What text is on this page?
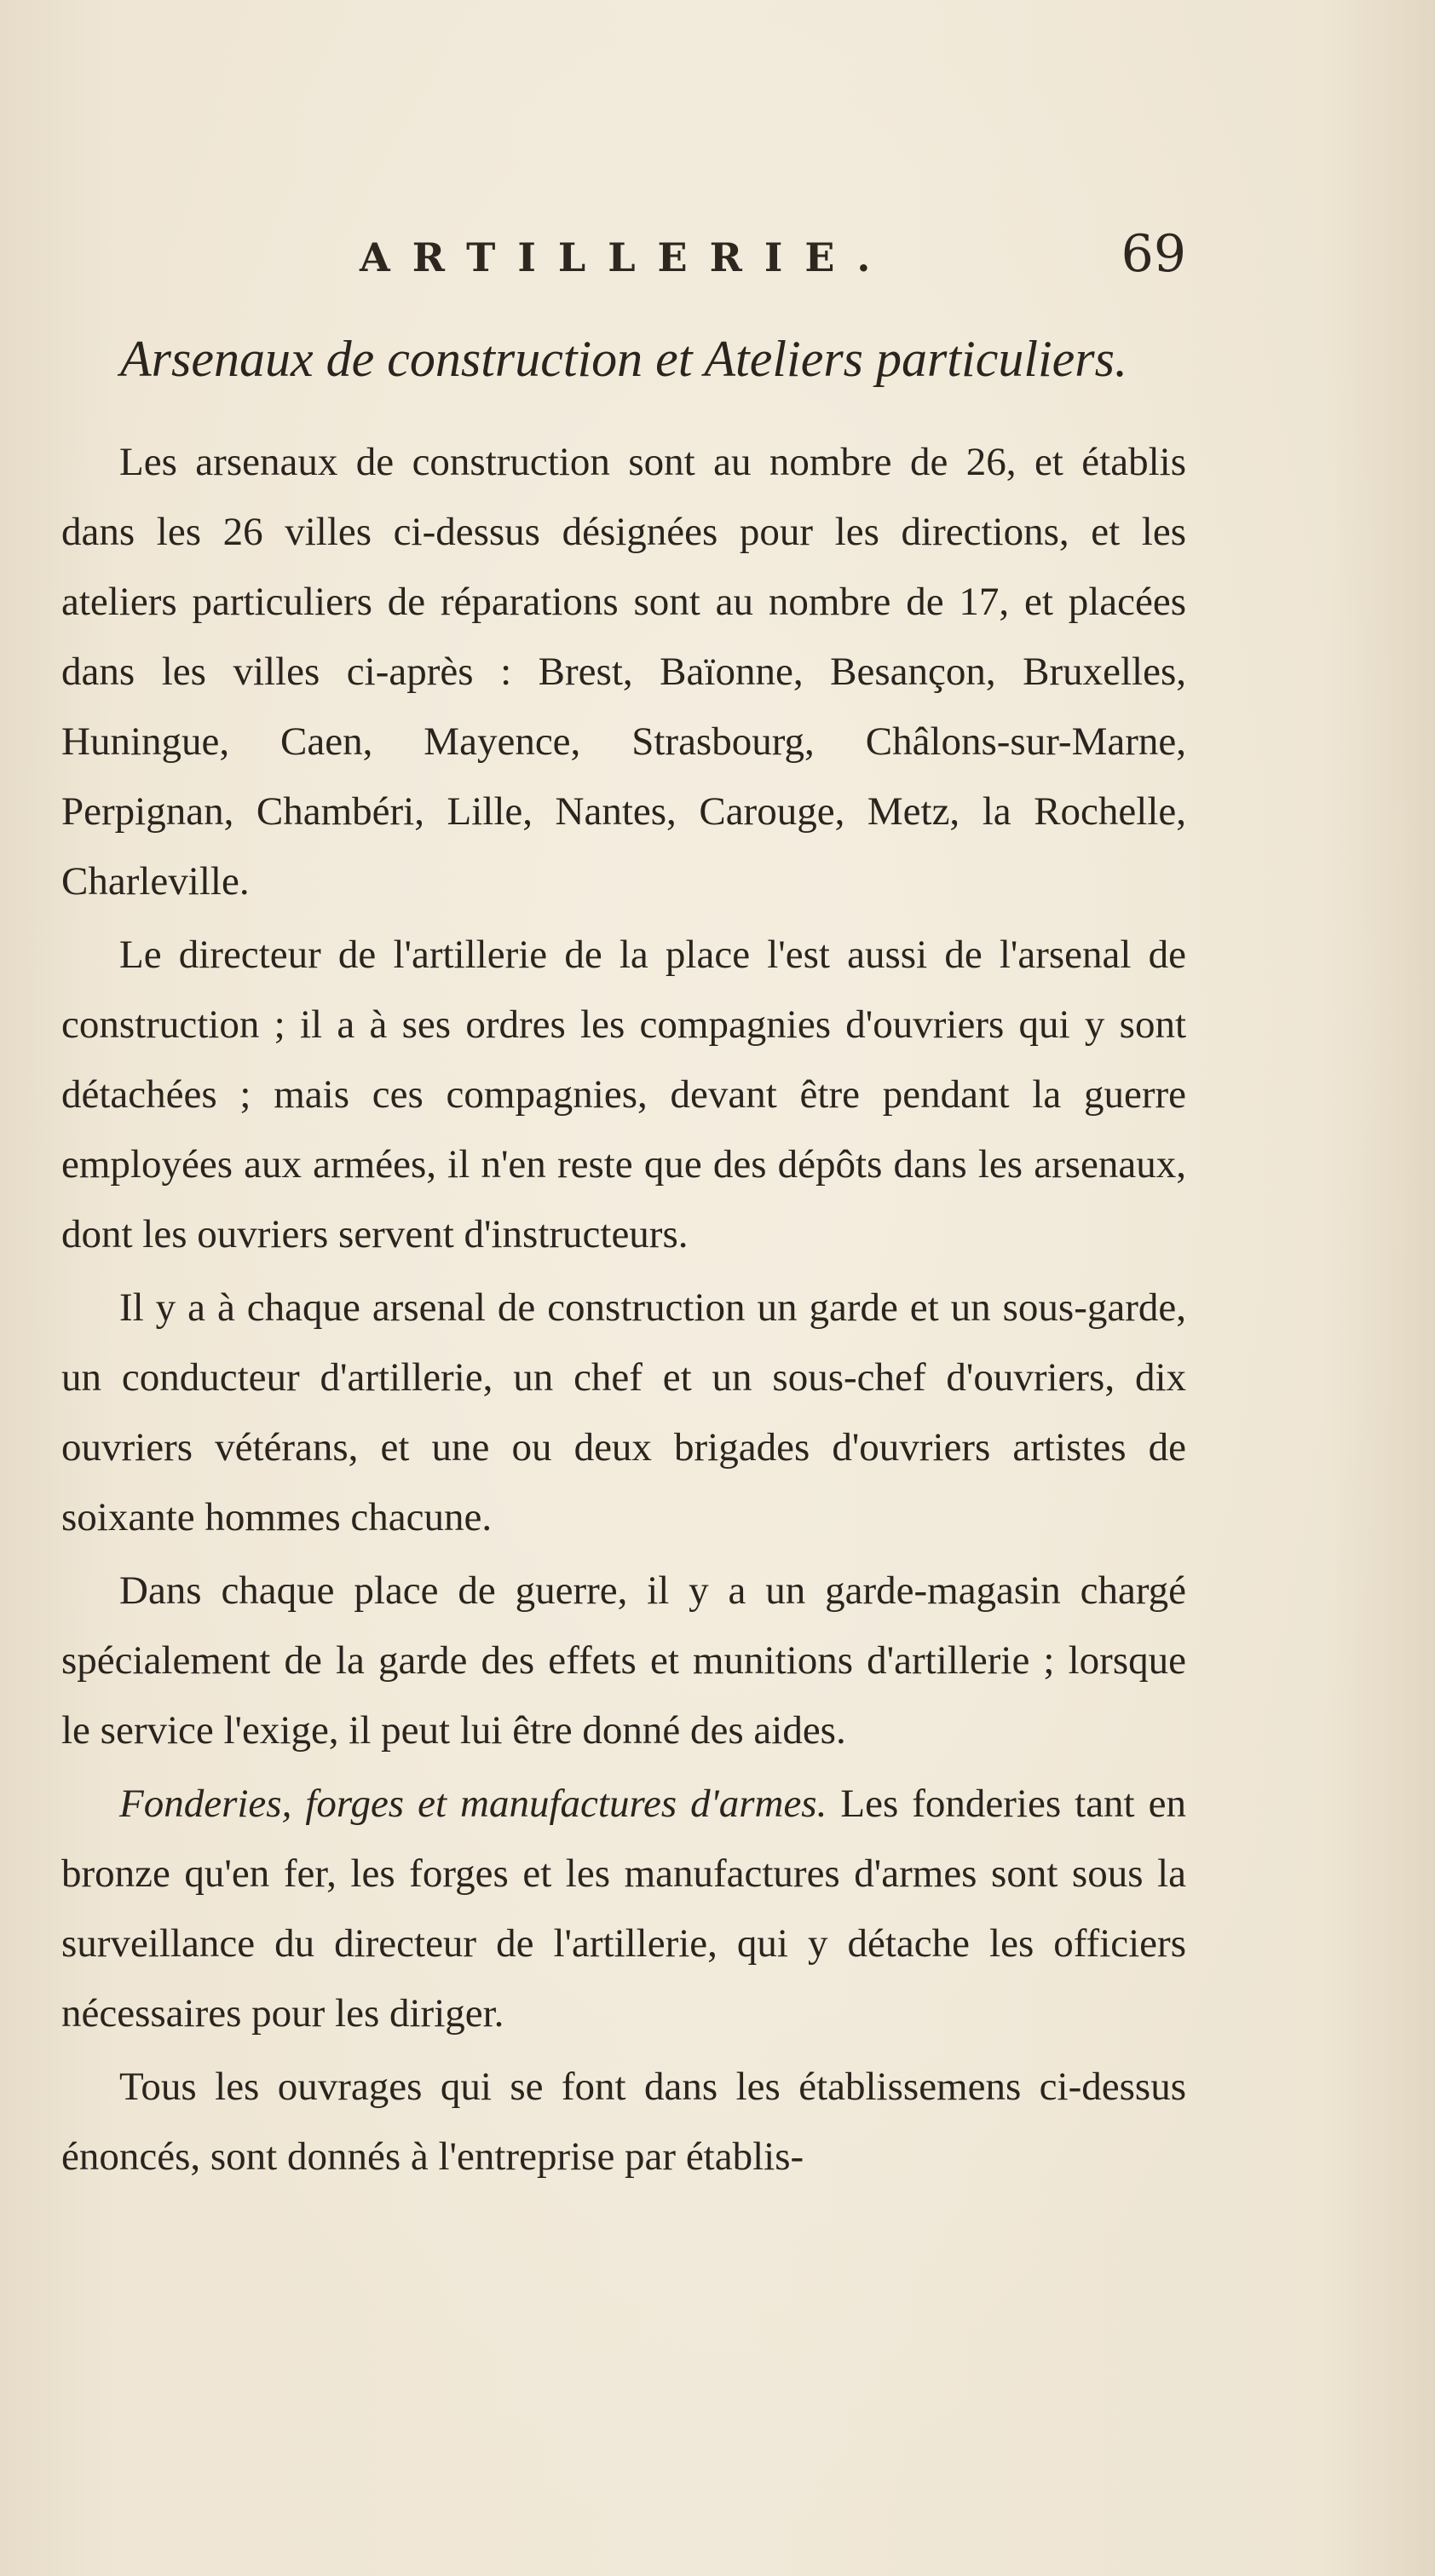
ARTILLERIE.	69
Arsenaux de construction et Ateliers particuliers.

Les arsenaux de construction sont au nombre de 26, et établis dans les 26 villes ci-dessus désignées pour les directions, et les ateliers particuliers de réparations sont au nombre de 17, et placées dans les villes ci-après : Brest, Baïonne, Besançon, Bruxelles, Huningue, Caen, Mayence, Strasbourg, Châlons-sur-Marne, Perpignan, Chambéri, Lille, Nantes, Carouge, Metz, la Rochelle, Charleville.

Le directeur de l'artillerie de la place l'est aussi de l'arsenal de construction ; il a à ses ordres les compagnies d'ouvriers qui y sont détachées ; mais ces compagnies, devant être pendant la guerre employées aux armées, il n'en reste que des dépôts dans les arsenaux, dont les ouvriers servent d'instructeurs.

Il y a à chaque arsenal de construction un garde et un sous-garde, un conducteur d'artillerie, un chef et un sous-chef d'ouvriers, dix ouvriers vétérans, et une ou deux brigades d'ouvriers artistes de soixante hommes chacune.

Dans chaque place de guerre, il y a un garde-magasin chargé spécialement de la garde des effets et munitions d'artillerie ; lorsque le service l'exige, il peut lui être donné des aides.

Fonderies, forges et manufactures d'armes. Les fonderies tant en bronze qu'en fer, les forges et les manufactures d'armes sont sous la surveillance du directeur de l'artillerie, qui y détache les officiers nécessaires pour les diriger.

Tous les ouvrages qui se font dans les établissemens ci-dessus énoncés, sont donnés à l'entreprise par établis-
